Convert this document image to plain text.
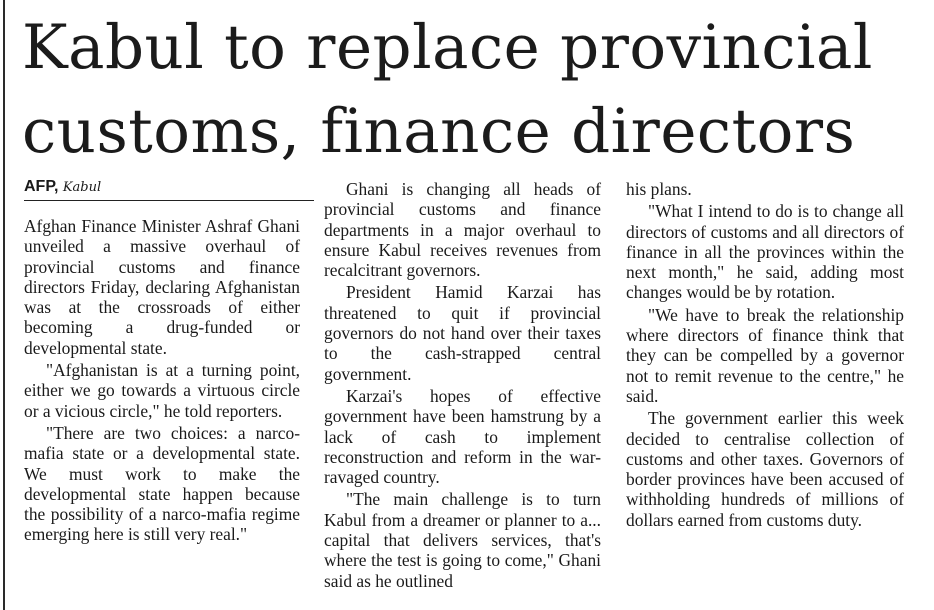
Kabul to replace provincial customs, finance directors
AFP, Kabul

Afghan Finance Minister Ashraf Ghani unveiled a massive overhaul of provincial customs and finance directors Friday, declaring Afghanistan was at the crossroads of either becoming a drug-funded or developmental state.

"Afghanistan is at a turning point, either we go towards a virtuous circle or a vicious circle," he told reporters.

"There are two choices: a narco-mafia state or a developmental state. We must work to make the developmental state happen because the possibility of a narco-mafia regime emerging here is still very real."

Ghani is changing all heads of provincial customs and finance departments in a major overhaul to ensure Kabul receives revenues from recalcitrant governors.

President Hamid Karzai has threatened to quit if provincial governors do not hand over their taxes to the cash-strapped central government.

Karzai's hopes of effective government have been hamstrung by a lack of cash to implement reconstruction and reform in the war-ravaged country.

"The main challenge is to turn Kabul from a dreamer or planner to a... capital that delivers services, that's where the test is going to come," Ghani said as he outlined

his plans.

"What I intend to do is to change all directors of customs and all directors of finance in all the provinces within the next month," he said, adding most changes would be by rotation.

"We have to break the relationship where directors of finance think that they can be compelled by a governor not to remit revenue to the centre," he said.

The government earlier this week decided to centralise collection of customs and other taxes. Governors of border provinces have been accused of withholding hundreds of millions of dollars earned from customs duty.
